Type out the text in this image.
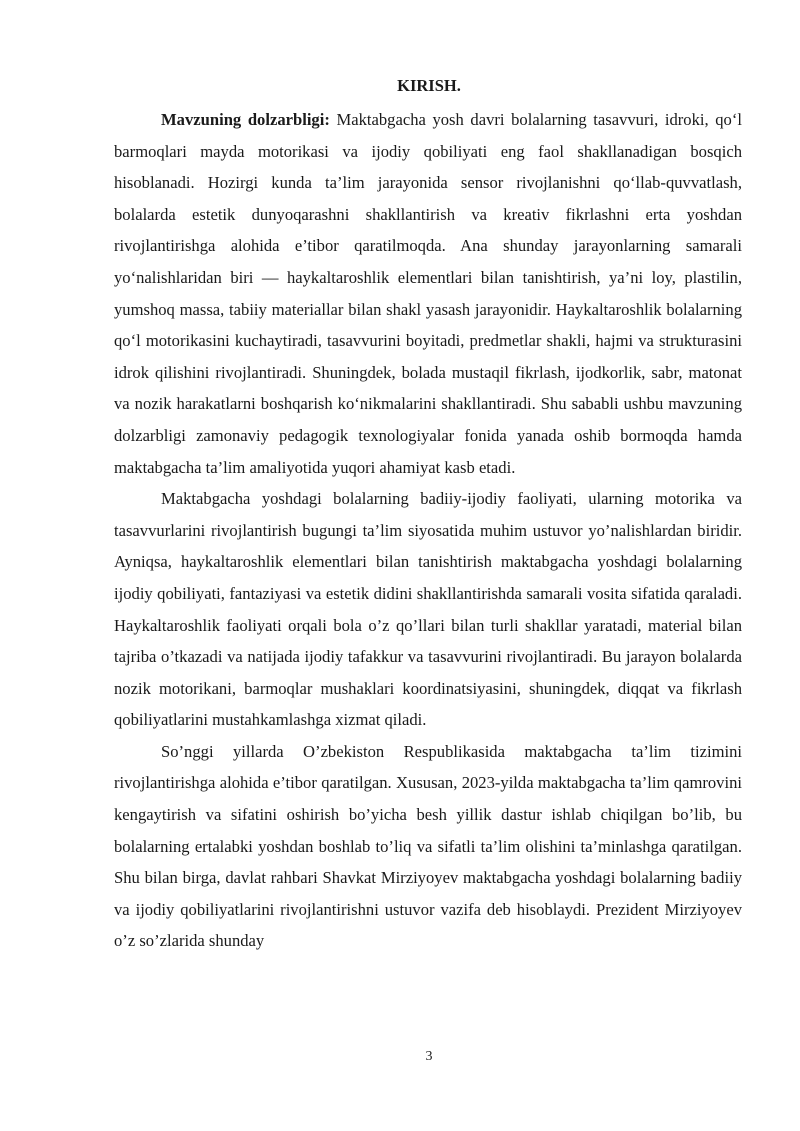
KIRISH.

Mavzuning dolzarbligi: Maktabgacha yosh davri bolalarning tasavvuri, idroki, qo‘l barmoqlari mayda motorikasi va ijodiy qobiliyati eng faol shakllanadigan bosqich hisoblanadi. Hozirgi kunda ta’lim jarayonida sensor rivojlanishni qo‘llab-quvvatlash, bolalarda estetik dunyoqarashni shakllantirish va kreativ fikrlashni erta yoshdan rivojlantirishga alohida e’tibor qaratilmoqda. Ana shunday jarayonlarning samarali yo‘nalishlaridan biri — haykaltaroshlik elementlari bilan tanishtirish, ya’ni loy, plastilin, yumshoq massa, tabiiy materiallar bilan shakl yasash jarayonidir. Haykaltaroshlik bolalarning qo‘l motorikasini kuchaytiradi, tasavvurini boyitadi, predmetlar shakli, hajmi va strukturasini idrok qilishini rivojlantiradi. Shuningdek, bolada mustaqil fikrlash, ijodkorlik, sabr, matonat va nozik harakatlarni boshqarish ko‘nikmalarini shakllantiradi. Shu sababli ushbu mavzuning dolzarbligi zamonaviy pedagogik texnologiyalar fonida yanada oshib bormoqda hamda maktabgacha ta’lim amaliyotida yuqori ahamiyat kasb etadi.

Maktabgacha yoshdagi bolalarning badiiy-ijodiy faoliyati, ularning motorika va tasavvurlarini rivojlantirish bugungi ta’lim siyosatida muhim ustuvor yo’nalishlardan biridir. Ayniqsa, haykaltaroshlik elementlari bilan tanishtirish maktabgacha yoshdagi bolalarning ijodiy qobiliyati, fantaziyasi va estetik didini shakllantirishda samarali vosita sifatida qaraladi. Haykaltaroshlik faoliyati orqali bola o’z qo’llari bilan turli shakllar yaratadi, material bilan tajriba o’tkazadi va natijada ijodiy tafakkur va tasavvurini rivojlantiradi. Bu jarayon bolalarda nozik motorikani, barmoqlar mushaklari koordinatsiyasini, shuningdek, diqqat va fikrlash qobiliyatlarini mustahkamlashga xizmat qiladi.

So’nggi yillarda O’zbekiston Respublikasida maktabgacha ta’lim tizimini rivojlantirishga alohida e’tibor qaratilgan. Xususan, 2023-yilda maktabgacha ta’lim qamrovini kengaytirish va sifatini oshirish bo’yicha besh yillik dastur ishlab chiqilgan bo’lib, bu bolalarning ertalabki yoshdan boshlab to’liq va sifatli ta’lim olishini ta’minlashga qaratilgan. Shu bilan birga, davlat rahbari Shavkat Mirziyoyev maktabgacha yoshdagi bolalarning badiiy va ijodiy qobiliyatlarini rivojlantirishni ustuvor vazifa deb hisoblaydi. Prezident Mirziyoyev o’z so’zlarida shunday

3
